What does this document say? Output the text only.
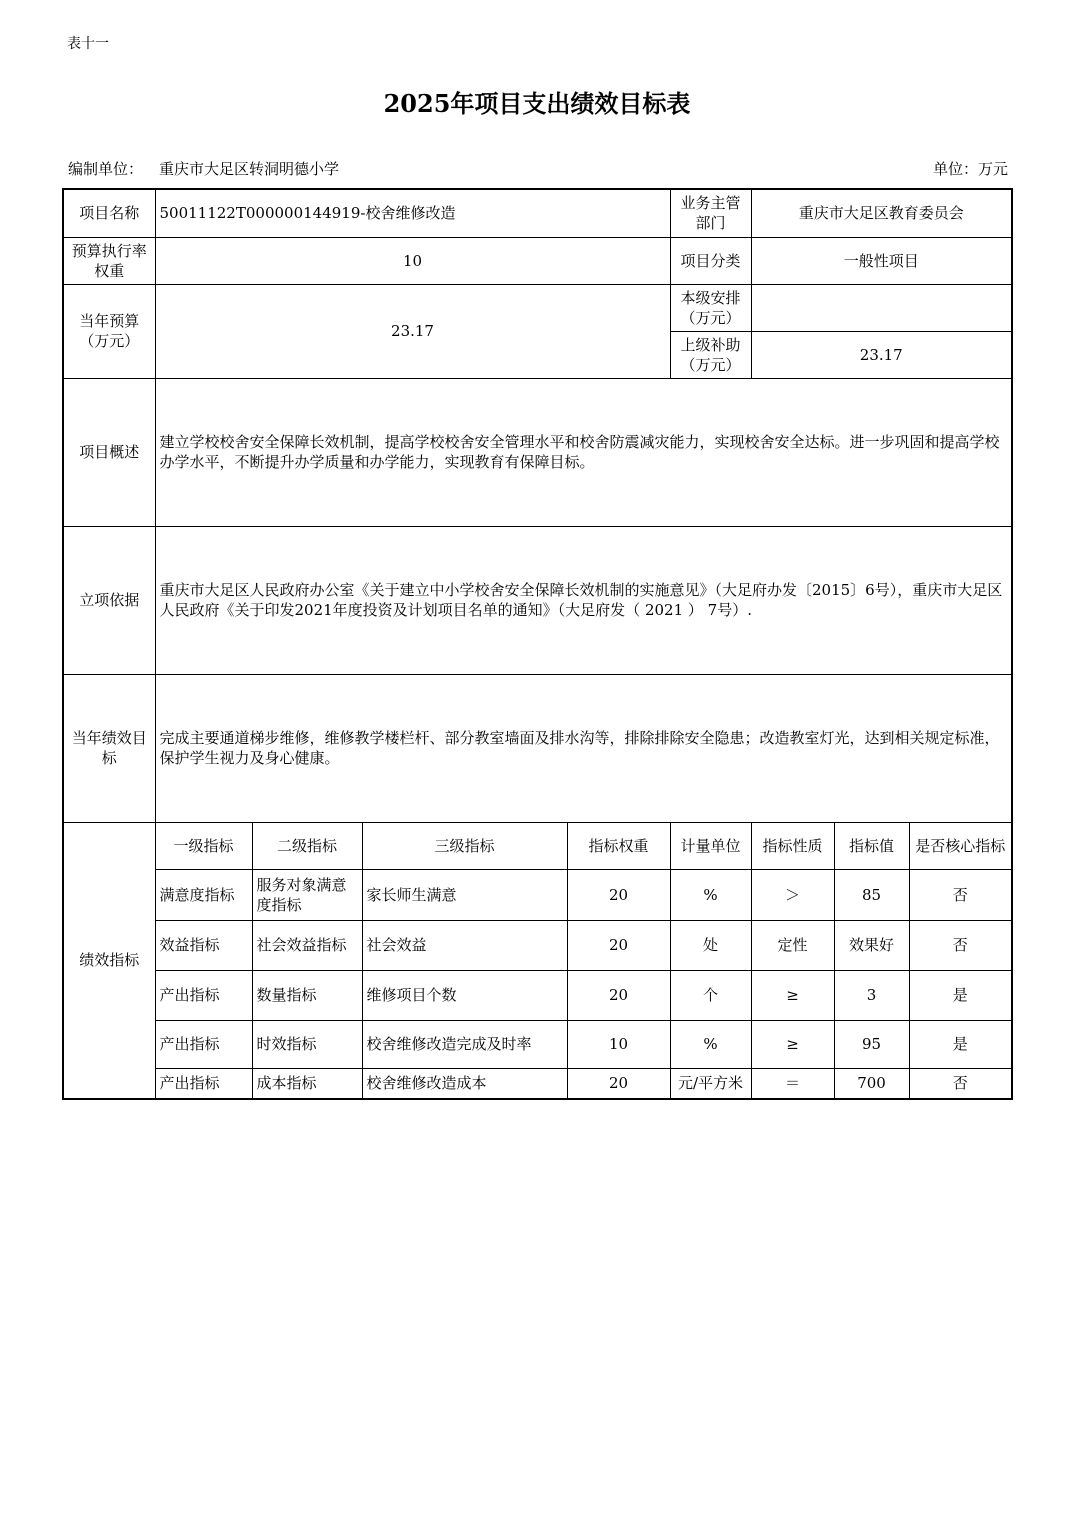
表十一
2025年项目支出绩效目标表
编制单位： 重庆市大足区转洞明德小学	单位：万元
项目名称	50011122T000000144919-校舍维修改造				业务主管部门	重庆市大足区教育委员会		
预算执行率权重	10				项目分类	一般性项目		
当年预算（万元）	23.17				本级安排（万元）			
					上级补助（万元）	23.17		
项目概述	建立学校校舍安全保障长效机制，提高学校校舍安全管理水平和校舍防震减灾能力，实现校舍安全达标。进一步巩固和提高学校办学水平，不断提升办学质量和办学能力，实现教育有保障目标。							
立项依据	重庆市大足区人民政府办公室《关于建立中小学校舍安全保障长效机制的实施意见》（大足府办发〔2015〕6号），重庆市大足区人民政府《关于印发2021年度投资及计划项目名单的通知》（大足府发（ 2021 ） 7号）.							
当年绩效目标	完成主要通道梯步维修，维修教学楼栏杆、部分教室墙面及排水沟等，排除排除安全隐患；改造教室灯光，达到相关规定标准，保护学生视力及身心健康。							
绩效指标	一级指标	二级指标	三级指标	指标权重	计量单位	指标性质	指标值	是否核心指标
	满意度指标	服务对象满意度指标	家长师生满意	20	%	＞	85	否
	效益指标	社会效益指标	社会效益	20	处	定性	效果好	否
	产出指标	数量指标	维修项目个数	20	个	≥	3	是
	产出指标	时效指标	校舍维修改造完成及时率	10	%	≥	95	是
	产出指标	成本指标	校舍维修改造成本	20	元/平方米	＝	700	否
